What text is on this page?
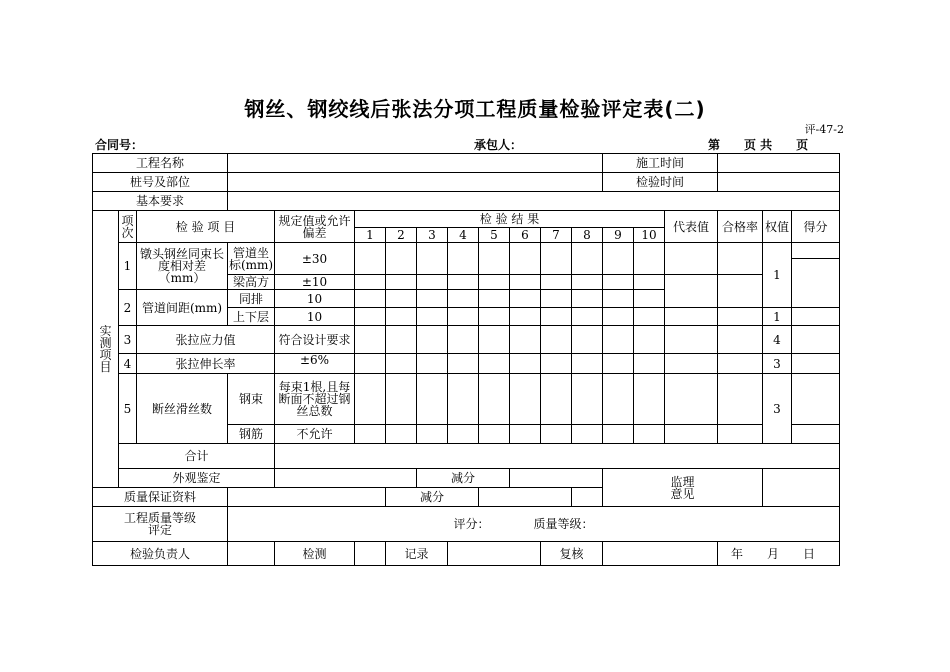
钢丝、钢绞线后张法分项工程质量检验评定表(二)
评-47-2
合同号：	承包人：	第　　页 共　　页
工程名称													施工时间					
桩号及部位													检验时间					
基本要求																		

实测项目	项次	检 验 项 目		规定值或允许偏差	检 验 结 果										代表值	合格率	权值	得分
					1	2	3	4	5	6	7	8	9	10				
	1	镦头钢丝同束长度相对差（mm）	管道坐标(mm)	±30													1	

			梁高方	±10														
	2	管道间距(mm)	同排	10														
			上下层	10													1	
	3	张拉应力值		符合设计要求													4	
	4	张拉伸长率		±6%													3	
	5	断丝滑丝数	钢束	每束1根,且每断面不超过钢丝总数													3	
			钢筋	不允许														
	合计																	
	外观鉴定						减分						监理意见					

质量保证资料						减分												

工程质量等级评定			评分： 质量等级：															
检验负责人				检测		记录					复核					年　　月　　日		
